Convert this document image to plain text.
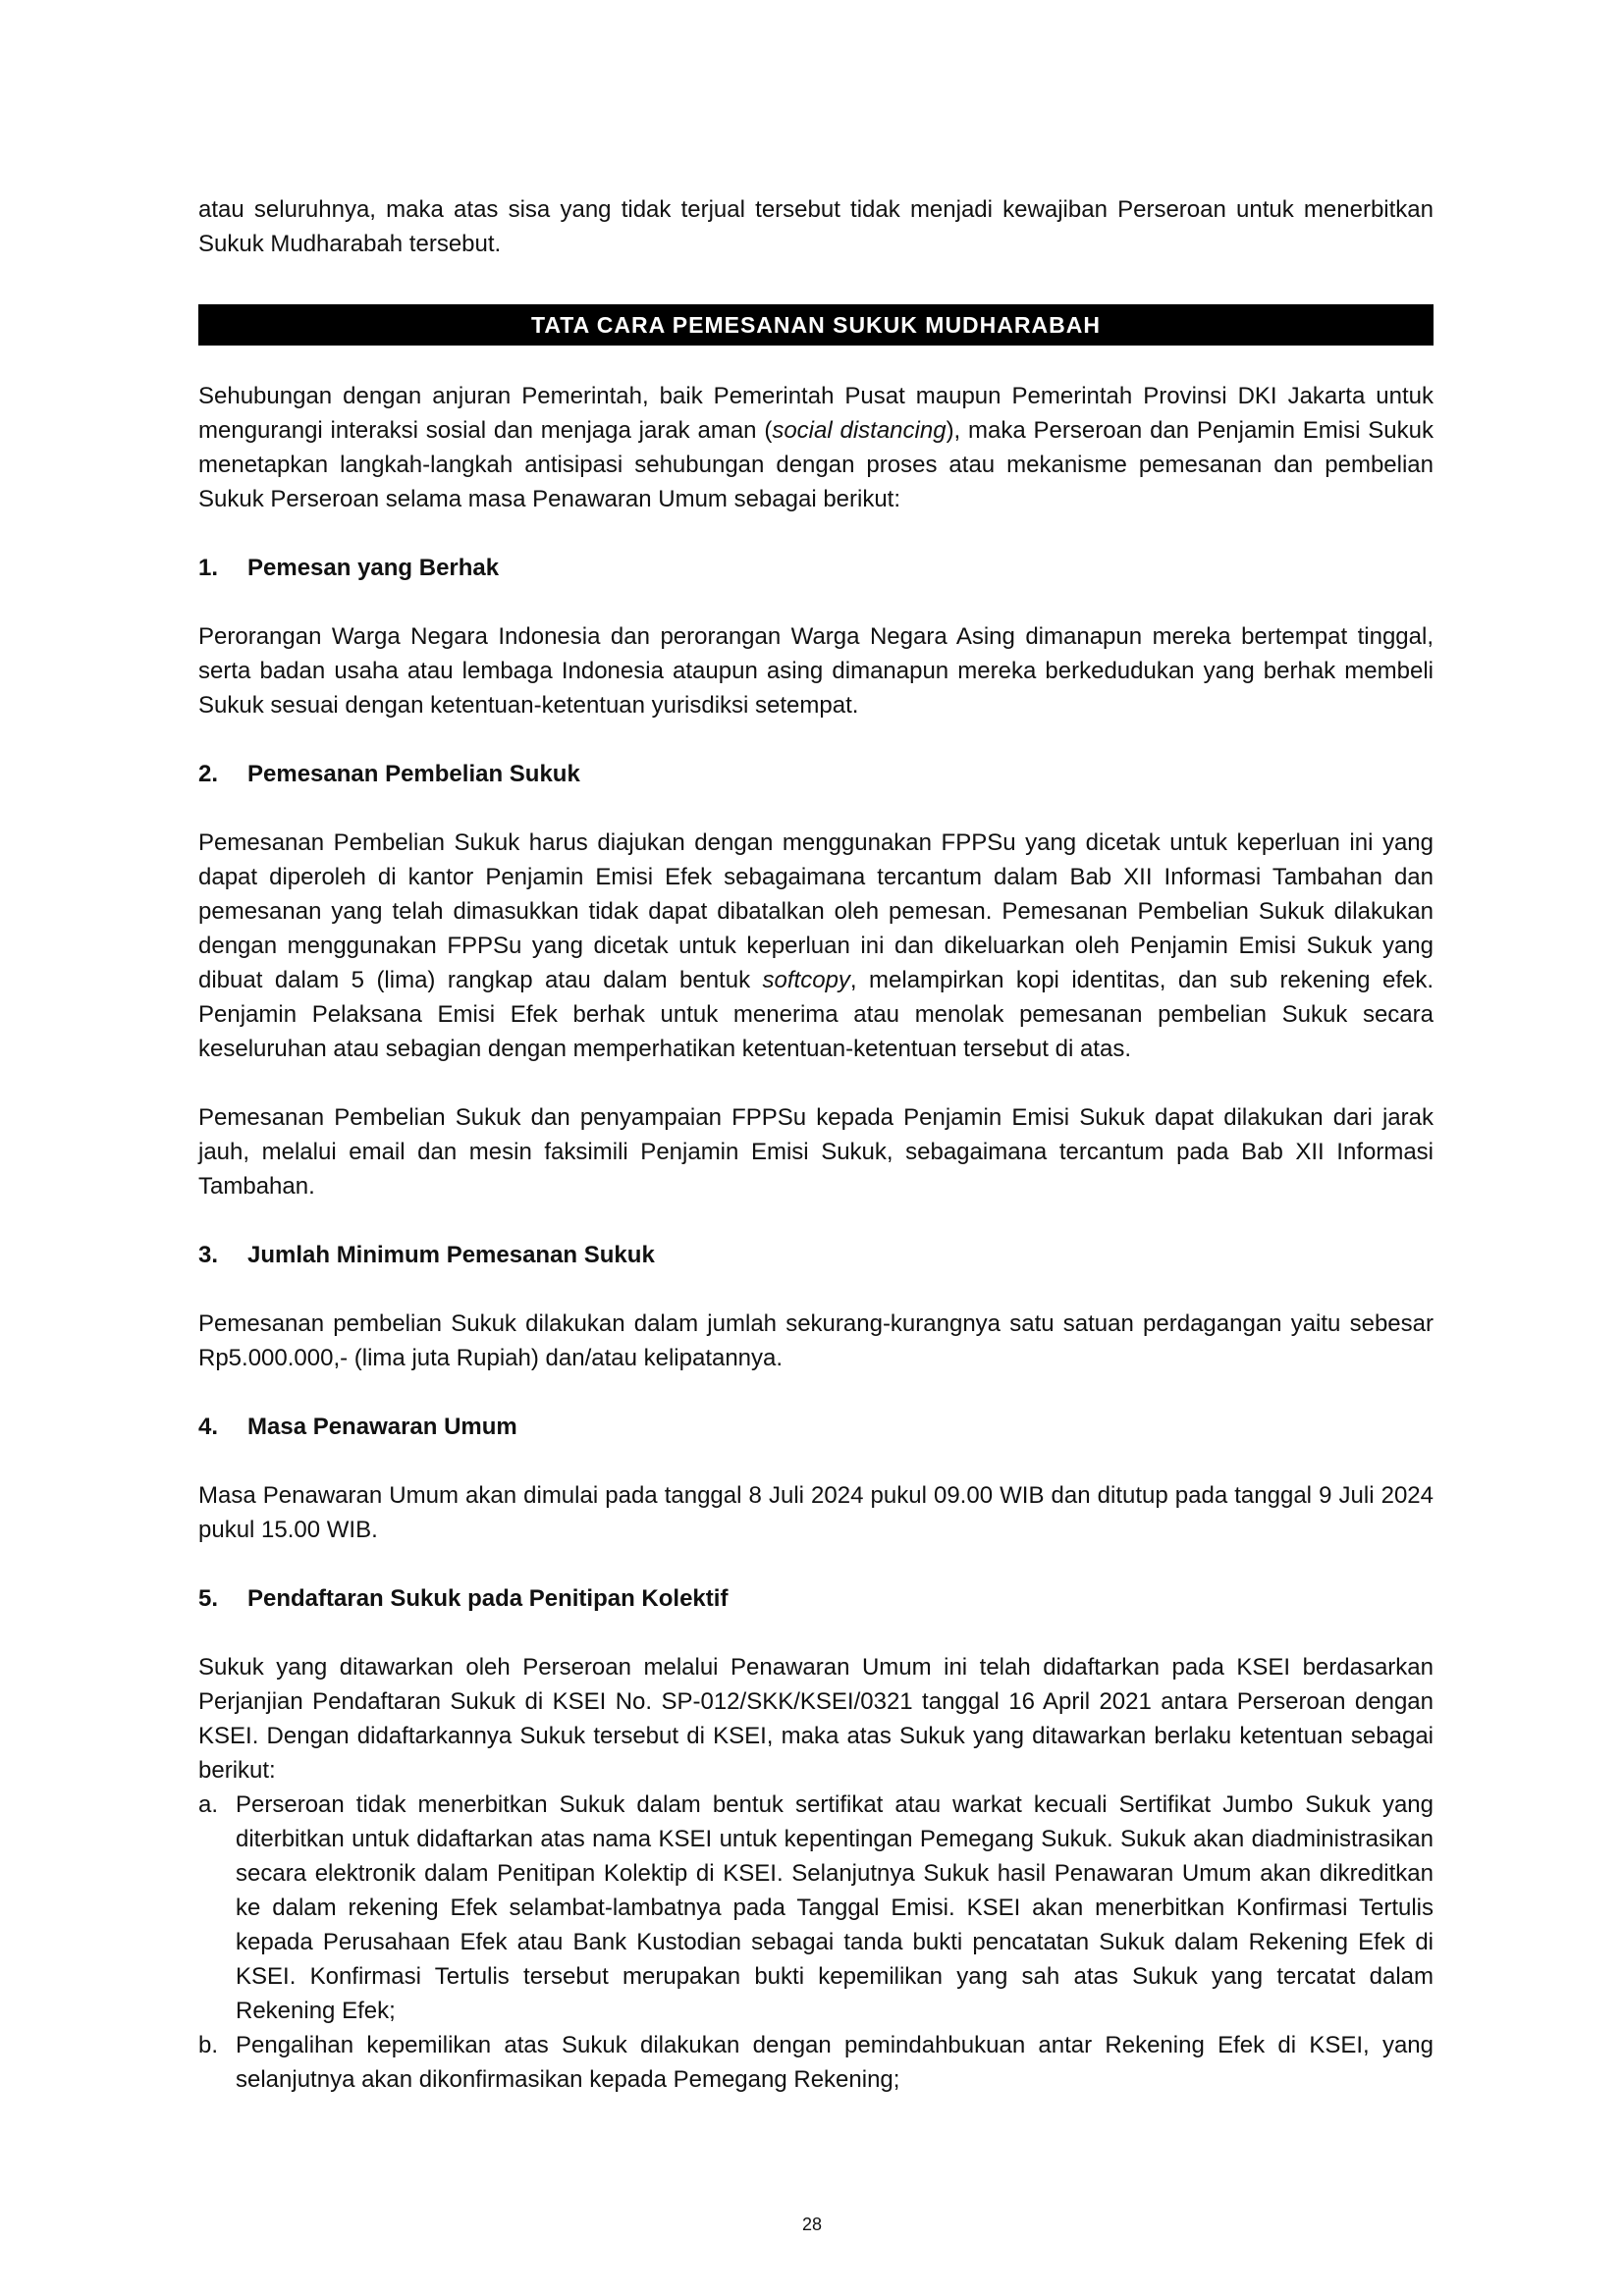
atau seluruhnya, maka atas sisa yang tidak terjual tersebut tidak menjadi kewajiban Perseroan untuk menerbitkan Sukuk Mudharabah tersebut.

TATA CARA PEMESANAN SUKUK MUDHARABAH

Sehubungan dengan anjuran Pemerintah, baik Pemerintah Pusat maupun Pemerintah Provinsi DKI Jakarta untuk mengurangi interaksi sosial dan menjaga jarak aman (social distancing), maka Perseroan dan Penjamin Emisi Sukuk menetapkan langkah-langkah antisipasi sehubungan dengan proses atau mekanisme pemesanan dan pembelian Sukuk Perseroan selama masa Penawaran Umum sebagai berikut:

1.	Pemesan yang Berhak

Perorangan Warga Negara Indonesia dan perorangan Warga Negara Asing dimanapun mereka bertempat tinggal, serta badan usaha atau lembaga Indonesia ataupun asing dimanapun mereka berkedudukan yang berhak membeli Sukuk sesuai dengan ketentuan-ketentuan yurisdiksi setempat.

2.	Pemesanan Pembelian Sukuk

Pemesanan Pembelian Sukuk harus diajukan dengan menggunakan FPPSu yang dicetak untuk keperluan ini yang dapat diperoleh di kantor Penjamin Emisi Efek sebagaimana tercantum dalam Bab XII Informasi Tambahan dan pemesanan yang telah dimasukkan tidak dapat dibatalkan oleh pemesan. Pemesanan Pembelian Sukuk dilakukan dengan menggunakan FPPSu yang dicetak untuk keperluan ini dan dikeluarkan oleh Penjamin Emisi Sukuk yang dibuat dalam 5 (lima) rangkap atau dalam bentuk softcopy, melampirkan kopi identitas, dan sub rekening efek. Penjamin Pelaksana Emisi Efek berhak untuk menerima atau menolak pemesanan pembelian Sukuk secara keseluruhan atau sebagian dengan memperhatikan ketentuan-ketentuan tersebut di atas.

Pemesanan Pembelian Sukuk dan penyampaian FPPSu kepada Penjamin Emisi Sukuk dapat dilakukan dari jarak jauh, melalui email dan mesin faksimili Penjamin Emisi Sukuk, sebagaimana tercantum pada Bab XII Informasi Tambahan.

3.	Jumlah Minimum Pemesanan Sukuk

Pemesanan pembelian Sukuk dilakukan dalam jumlah sekurang-kurangnya satu satuan perdagangan yaitu sebesar Rp5.000.000,- (lima juta Rupiah) dan/atau kelipatannya.

4.	Masa Penawaran Umum

Masa Penawaran Umum akan dimulai pada tanggal 8 Juli 2024 pukul 09.00 WIB dan ditutup pada tanggal 9 Juli 2024 pukul 15.00 WIB.

5.	Pendaftaran Sukuk pada Penitipan Kolektif

Sukuk yang ditawarkan oleh Perseroan melalui Penawaran Umum ini telah didaftarkan pada KSEI berdasarkan Perjanjian Pendaftaran Sukuk di KSEI No. SP-012/SKK/KSEI/0321 tanggal 16 April 2021 antara Perseroan dengan KSEI. Dengan didaftarkannya Sukuk tersebut di KSEI, maka atas Sukuk yang ditawarkan berlaku ketentuan sebagai berikut:

a. Perseroan tidak menerbitkan Sukuk dalam bentuk sertifikat atau warkat kecuali Sertifikat Jumbo Sukuk yang diterbitkan untuk didaftarkan atas nama KSEI untuk kepentingan Pemegang Sukuk. Sukuk akan diadministrasikan secara elektronik dalam Penitipan Kolektip di KSEI. Selanjutnya Sukuk hasil Penawaran Umum akan dikreditkan ke dalam rekening Efek selambat-lambatnya pada Tanggal Emisi. KSEI akan menerbitkan Konfirmasi Tertulis kepada Perusahaan Efek atau Bank Kustodian sebagai tanda bukti pencatatan Sukuk dalam Rekening Efek di KSEI. Konfirmasi Tertulis tersebut merupakan bukti kepemilikan yang sah atas Sukuk yang tercatat dalam Rekening Efek;
b. Pengalihan kepemilikan atas Sukuk dilakukan dengan pemindahbukuan antar Rekening Efek di KSEI, yang selanjutnya akan dikonfirmasikan kepada Pemegang Rekening;
28
